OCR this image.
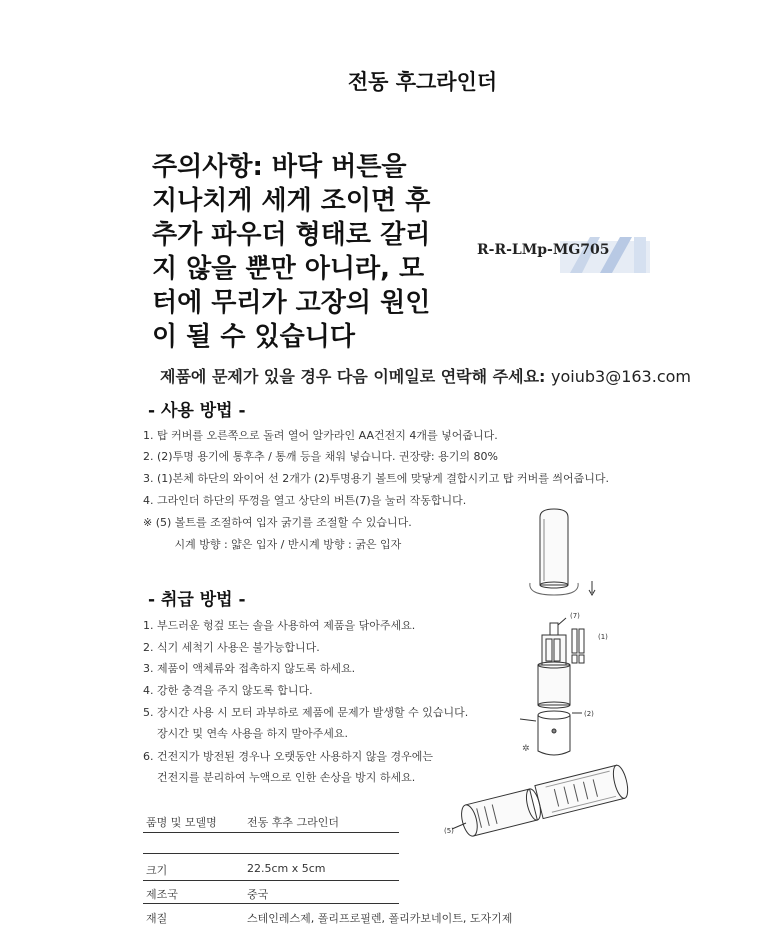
전동 후그라인더
주의사항: 바닥 버튼을
지나치게 세게 조이면 후
추가 파우더 형태로 갈리
지 않을 뿐만 아니라, 모
터에 무리가 고장의 원인
이 될 수 있습니다
R-R-LMp-MG705
제품에 문제가 있을 경우 다음 이메일로 연락해 주세요: yoiub3@163.com
- 사용 방법 -
1. 탑 커버를 오른쪽으로 돌려 열어 알카라인 AA건전지 4개를 넣어줍니다.
2. (2)투명 용기에 통후추 / 통깨 등을 채워 넣습니다. 권장량: 용기의 80%
3. (1)본체 하단의 와이어 선 2개가 (2)투명용기 볼트에 맞닿게 결합시키고 탑 커버를 씌어줍니다.
4. 그라인더 하단의 뚜껑을 열고 상단의 버튼(7)을 눌러 작동합니다.
※ (5) 볼트를 조절하여 입자 굵기를 조절할 수 있습니다.
시계 방향 : 얇은 입자 / 반시계 방향 : 굵은 입자
- 취급 방법 -
1. 부드러운 헝겊 또는 솔을 사용하여 제품을 닦아주세요.
2. 식기 세척기 사용은 불가능합니다.
3. 제품이 액체류와 접촉하지 않도록 하세요.
4. 강한 충격을 주지 않도록 합니다.
5. 장시간 사용 시 모터 과부하로 제품에 문제가 발생할 수 있습니다.
장시간 및 연속 사용을 하지 말아주세요.
6. 건전지가 방전된 경우나 오랫동안 사용하지 않을 경우에는
건전지를 분리하여 누액으로 인한 손상을 방지 하세요.
품명 및 모델명	전동 후추 그라인더
크기	22.5cm x 5cm
제조국	중국
재질	스테인레스제, 폴리프로필렌, 폴리카보네이트, 도자기제
(7)
(1)
(2)
✲
(5)
